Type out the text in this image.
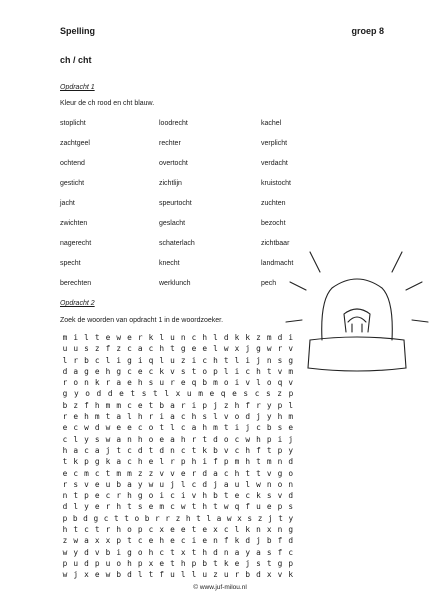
Spelling	groep 8
ch / cht
Opdracht 1
Kleur de ch rood en cht blauw.
stoplicht	loodrecht	kachel
zachtgeel	rechter	verplicht
ochtend	overtocht	verdacht
gesticht	zichtlijn	kruistocht
jacht	speurtocht	zuchten
zwichten	geslacht	bezocht
nagerecht	schaterlach	zichtbaar
specht	knecht	landmacht
berechten	werklunch	pech
Opdracht 2
Zoek de woorden van opdracht 1 in de woordzoeker.
m i l t e w e r k l u n c h l d k k z m d i
u u s z f z c a c h t g e e l w x j g w r v
l r b c l i g i q l u z i c h t l i j n s g
d a g e h g c e c k v s t o p l i c h t v m
r o n k r a e h s u r e q b m o i v l o q v
g y o d d e t s t l x u m e q e s c s z p
b z f h m m c e t b a r i p j z h f r y p l
r e h m t a l h r i a c h s l v o d j y h m
e c w d w e e c o t l c a h m t i j c b s e
c l y s w a n h o e a h r t d o c w h p i j
h a c a j t c d t d n c t k b v c h f t p y
t k p g k a c h e l r p h i f p m h t m n d
e c m c t m m z z v v e r d a c h t t v g o
r s v e u b a y w u j l c d j a u l w n o n
n t p e c r h g o i c i v h b t e c k s v d
d l y e r h t s e m c w t h t w q f u e p s
p b d g c t t o b r r z h t l a w x s z j t y
h t c t r h o p c x e e t e x c l k n x n g
z w a x x p t c e h e c i e n f k d j b f d
w y d v b i g o h c t x t h d n a y a s f c
p u d p u o h p x e t h p b t k e j s t g p
w j x e w b d l t f u l l u z u r b d x v k
© www.juf-milou.nl
